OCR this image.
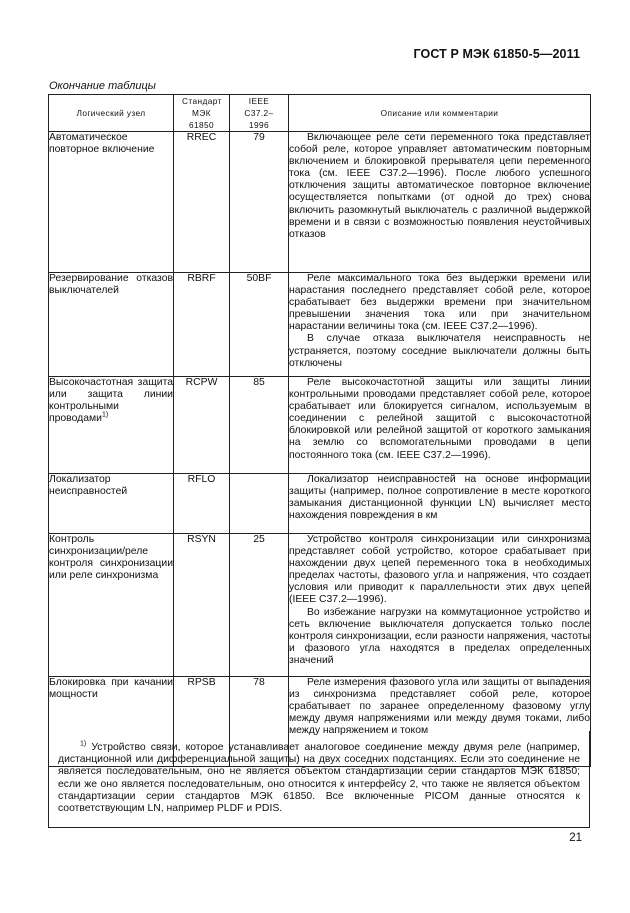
ГОСТ Р МЭК 61850-5—2011
Окончание таблицы
Логический узел	Стандарт МЭК 61850	IEEE C37.2–1996	Описание или комментарии

Автоматическое повторное включение	RREC	79	Включающее реле сети переменного тока представляет собой реле, которое управляет автоматическим повторным включением и блокировкой прерывателя цепи переменного тока (см. IEEE C37.2—1996). После любого успешного отключения защиты автоматическое повторное включение осуществляется попытками (от одной до трех) снова включить разомкнутый выключатель с различной выдержкой времени и в связи с возможностью появления неустойчивых отказов

Резервирование отказов выключателей	RBRF	50BF	Реле максимального тока без выдержки времени или нарастания последнего представляет собой реле, которое срабатывает без выдержки времени при значительном превышении значения тока или при значительном нарастании величины тока (см. IEEE C37.2—1996).

В случае отказа выключателя неисправность не устраняется, поэтому соседние выключатели должны быть отключены

Высокочастотная защита или защита линии контрольными проводами$^{1)}$	RCPW	85	Реле высокочастотной защиты или защиты линии контрольными проводами представляет собой реле, которое срабатывает или блокируется сигналом, используемым в соединении с релейной защитой с высокочастотной блокировкой или релейной защитой от короткого замыкания на землю со вспомогательными проводами в цепи постоянного тока (см. IEEE C37.2—1996).

Локализатор неисправностей	RFLO		Локализатор неисправностей на основе информации защиты (например, полное сопротивление в месте короткого замыкания дистанционной функции LN) вычисляет место нахождения повреждения в км

Контроль синхронизации/реле контроля синхронизации или реле синхронизма	RSYN	25	Устройство контроля синхронизации или синхронизма представляет собой устройство, которое срабатывает при нахождении двух цепей переменного тока в необходимых пределах частоты, фазового угла и напряжения, что создает условия или приводит к параллельности этих двух цепей (IEEE C37.2—1996).

Во избежание нагрузки на коммутационное устройство и сеть включение выключателя допускается только после контроля синхронизации, если разности напряжения, частоты и фазового угла находятся в пределах определенных значений

Блокировка при качании мощности	RPSB	78	Реле измерения фазового угла или защиты от выпадения из синхронизма представляет собой реле, которое срабатывает по заранее определенному фазовому углу между двумя напряжениями или между двумя токами, либо между напряжением и током

$^{1)}$ Устройство связи, которое устанавливает аналоговое соединение между двумя реле (например, дистанционной или дифференциальной защиты) на двух соседних подстанциях. Если это соединение не является последовательным, оно не является объектом стандартизации серии стандартов МЭК 61850; если же оно является последовательным, оно относится к интерфейсу 2, что также не является объектом стандартизации серии стандартов МЭК 61850. Все включенные PICOM данные относятся к соответствующим LN, например PLDF и PDIS.
21
